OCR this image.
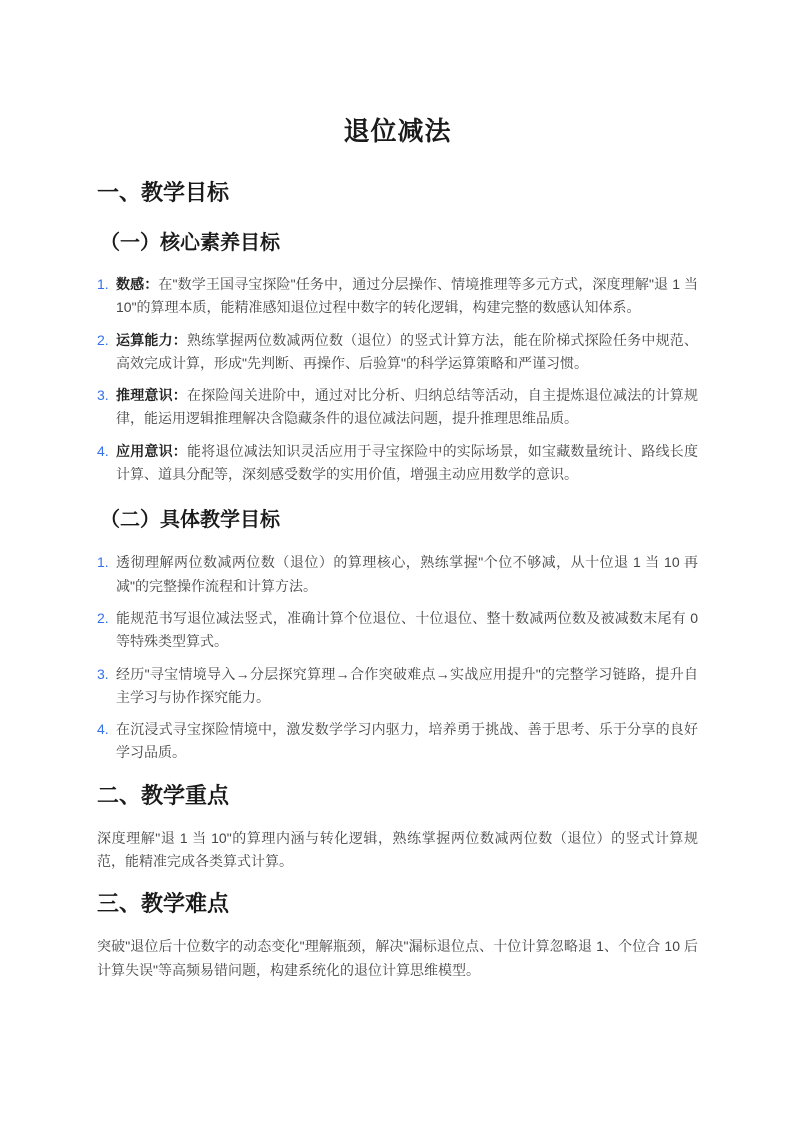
退位减法
一、教学目标
（一）核心素养目标
1. 数感：在"数学王国寻宝探险"任务中，通过分层操作、情境推理等多元方式，深度理解"退 1 当 10"的算理本质，能精准感知退位过程中数字的转化逻辑，构建完整的数感认知体系。
2. 运算能力：熟练掌握两位数减两位数（退位）的竖式计算方法，能在阶梯式探险任务中规范、高效完成计算，形成"先判断、再操作、后验算"的科学运算策略和严谨习惯。
3. 推理意识：在探险闯关进阶中，通过对比分析、归纳总结等活动，自主提炼退位减法的计算规律，能运用逻辑推理解决含隐藏条件的退位减法问题，提升推理思维品质。
4. 应用意识：能将退位减法知识灵活应用于寻宝探险中的实际场景，如宝藏数量统计、路线长度计算、道具分配等，深刻感受数学的实用价值，增强主动应用数学的意识。
（二）具体教学目标
1. 透彻理解两位数减两位数（退位）的算理核心，熟练掌握"个位不够减，从十位退 1 当 10 再减"的完整操作流程和计算方法。
2. 能规范书写退位减法竖式，准确计算个位退位、十位退位、整十数减两位数及被减数末尾有 0 等特殊类型算式。
3. 经历"寻宝情境导入→分层探究算理→合作突破难点→实战应用提升"的完整学习链路，提升自主学习与协作探究能力。
4. 在沉浸式寻宝探险情境中，激发数学学习内驱力，培养勇于挑战、善于思考、乐于分享的良好学习品质。
二、教学重点

深度理解"退 1 当 10"的算理内涵与转化逻辑，熟练掌握两位数减两位数（退位）的竖式计算规范，能精准完成各类算式计算。

三、教学难点

突破"退位后十位数字的动态变化"理解瓶颈，解决"漏标退位点、十位计算忽略退 1、个位合 10 后计算失误"等高频易错问题，构建系统化的退位计算思维模型。
